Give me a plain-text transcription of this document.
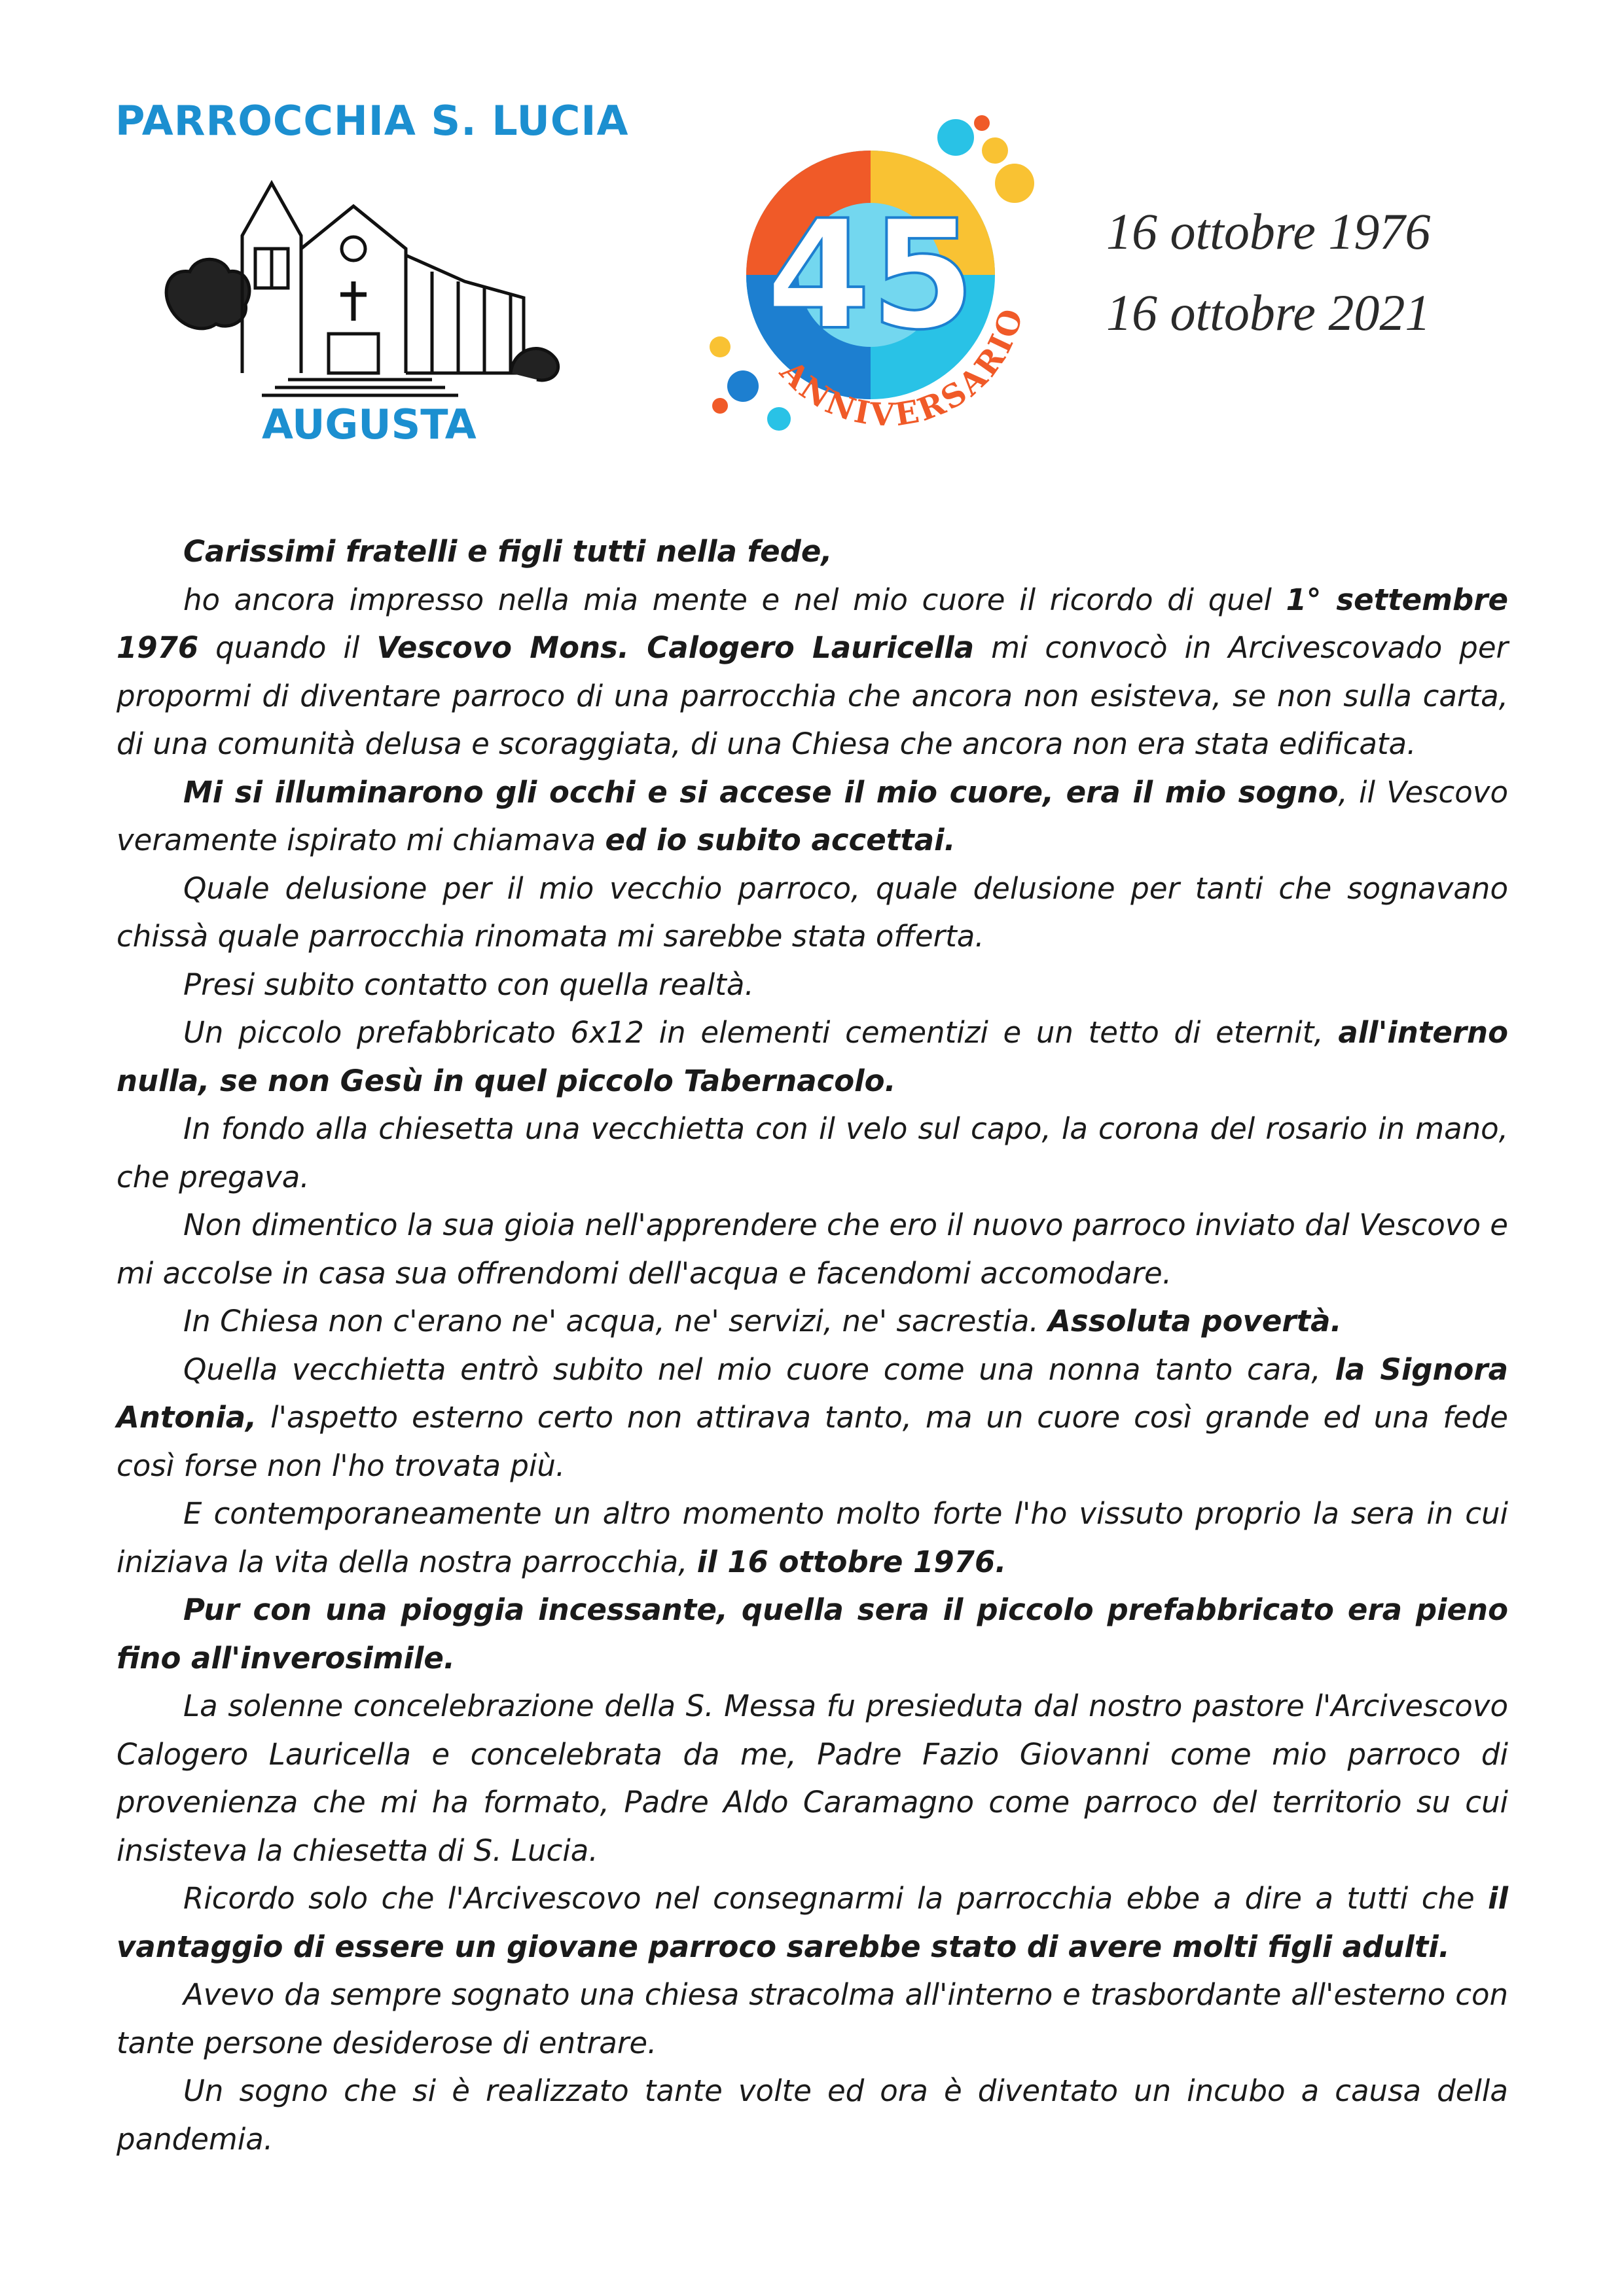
PARROCCHIA S. LUCIA
AUGUSTA
45
ANNIVERSARIO
16 ottobre 1976
16 ottobre 2021

Carissimi fratelli e figli tutti nella fede,

ho ancora impresso nella mia mente e nel mio cuore il ricordo di quel 1° settembre 1976 quando il Vescovo Mons. Calogero Lauricella mi convocò in Arcivescovado per propormi di diventare parroco di una parrocchia che ancora non esisteva, se non sulla carta, di una comunità delusa e scoraggiata, di una Chiesa che ancora non era stata edificata.

Mi si illuminarono gli occhi e si accese il mio cuore, era il mio sogno, il Vescovo veramente ispirato mi chiamava ed io subito accettai.

Quale delusione per il mio vecchio parroco, quale delusione per tanti che sognavano chissà quale parrocchia rinomata mi sarebbe stata offerta.

Presi subito contatto con quella realtà.

Un piccolo prefabbricato 6x12 in elementi cementizi e un tetto di eternit, all'interno nulla, se non Gesù in quel piccolo Tabernacolo.

In fondo alla chiesetta una vecchietta con il velo sul capo, la corona del rosario in mano, che pregava.

Non dimentico la sua gioia nell'apprendere che ero il nuovo parroco inviato dal Vescovo e mi accolse in casa sua offrendomi dell'acqua e facendomi accomodare.

In Chiesa non c'erano ne' acqua, ne' servizi, ne' sacrestia. Assoluta povertà.

Quella vecchietta entrò subito nel mio cuore come una nonna tanto cara, la Signora Antonia, l'aspetto esterno certo non attirava tanto, ma un cuore così grande ed una fede così forse non l'ho trovata più.

E contemporaneamente un altro momento molto forte l'ho vissuto proprio la sera in cui iniziava la vita della nostra parrocchia, il 16 ottobre 1976.

Pur con una pioggia incessante, quella sera il piccolo prefabbricato era pieno fino all'inverosimile.

La solenne concelebrazione della S. Messa fu presieduta dal nostro pastore l'Arcivescovo Calogero Lauricella e concelebrata da me, Padre Fazio Giovanni come mio parroco di provenienza che mi ha formato, Padre Aldo Caramagno come parroco del territorio su cui insisteva la chiesetta di S. Lucia.

Ricordo solo che l'Arcivescovo nel consegnarmi la parrocchia ebbe a dire a tutti che il vantaggio di essere un giovane parroco sarebbe stato di avere molti figli adulti.

Avevo da sempre sognato una chiesa stracolma all'interno e trasbordante all'esterno con tante persone desiderose di entrare.

Un sogno che si è realizzato tante volte ed ora è diventato un incubo a causa della pandemia.
